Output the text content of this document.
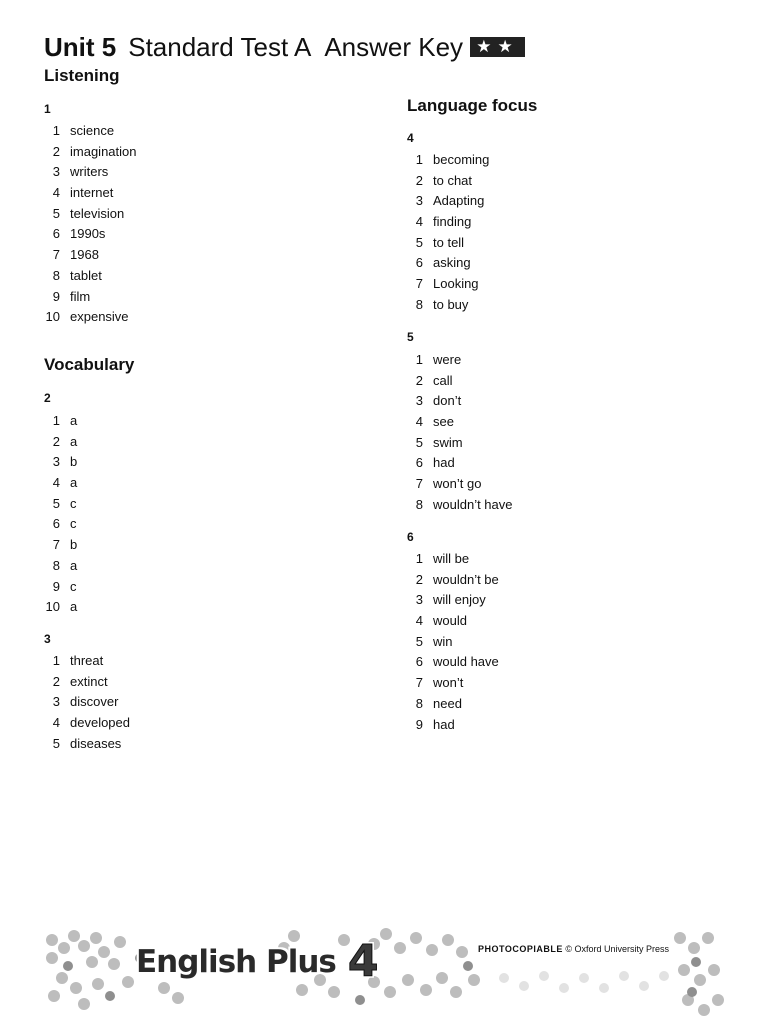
Unit 5 Standard Test A Answer Key ★★
Listening
1
1 science
2 imagination
3 writers
4 internet
5 television
6 1990s
7 1968
8 tablet
9 film
10 expensive
Vocabulary
2
1 a
2 a
3 b
4 a
5 c
6 c
7 b
8 a
9 c
10 a
3
1 threat
2 extinct
3 discover
4 developed
5 diseases
Language focus
4
1 becoming
2 to chat
3 Adapting
4 finding
5 to tell
6 asking
7 Looking
8 to buy
5
1 were
2 call
3 don’t
4 see
5 swim
6 had
7 won’t go
8 wouldn’t have
6
1 will be
2 wouldn’t be
3 will enjoy
4 would
5 win
6 would have
7 won’t
8 need
9 had
English Plus 4	PHOTOCOPIABLE © Oxford University Press
